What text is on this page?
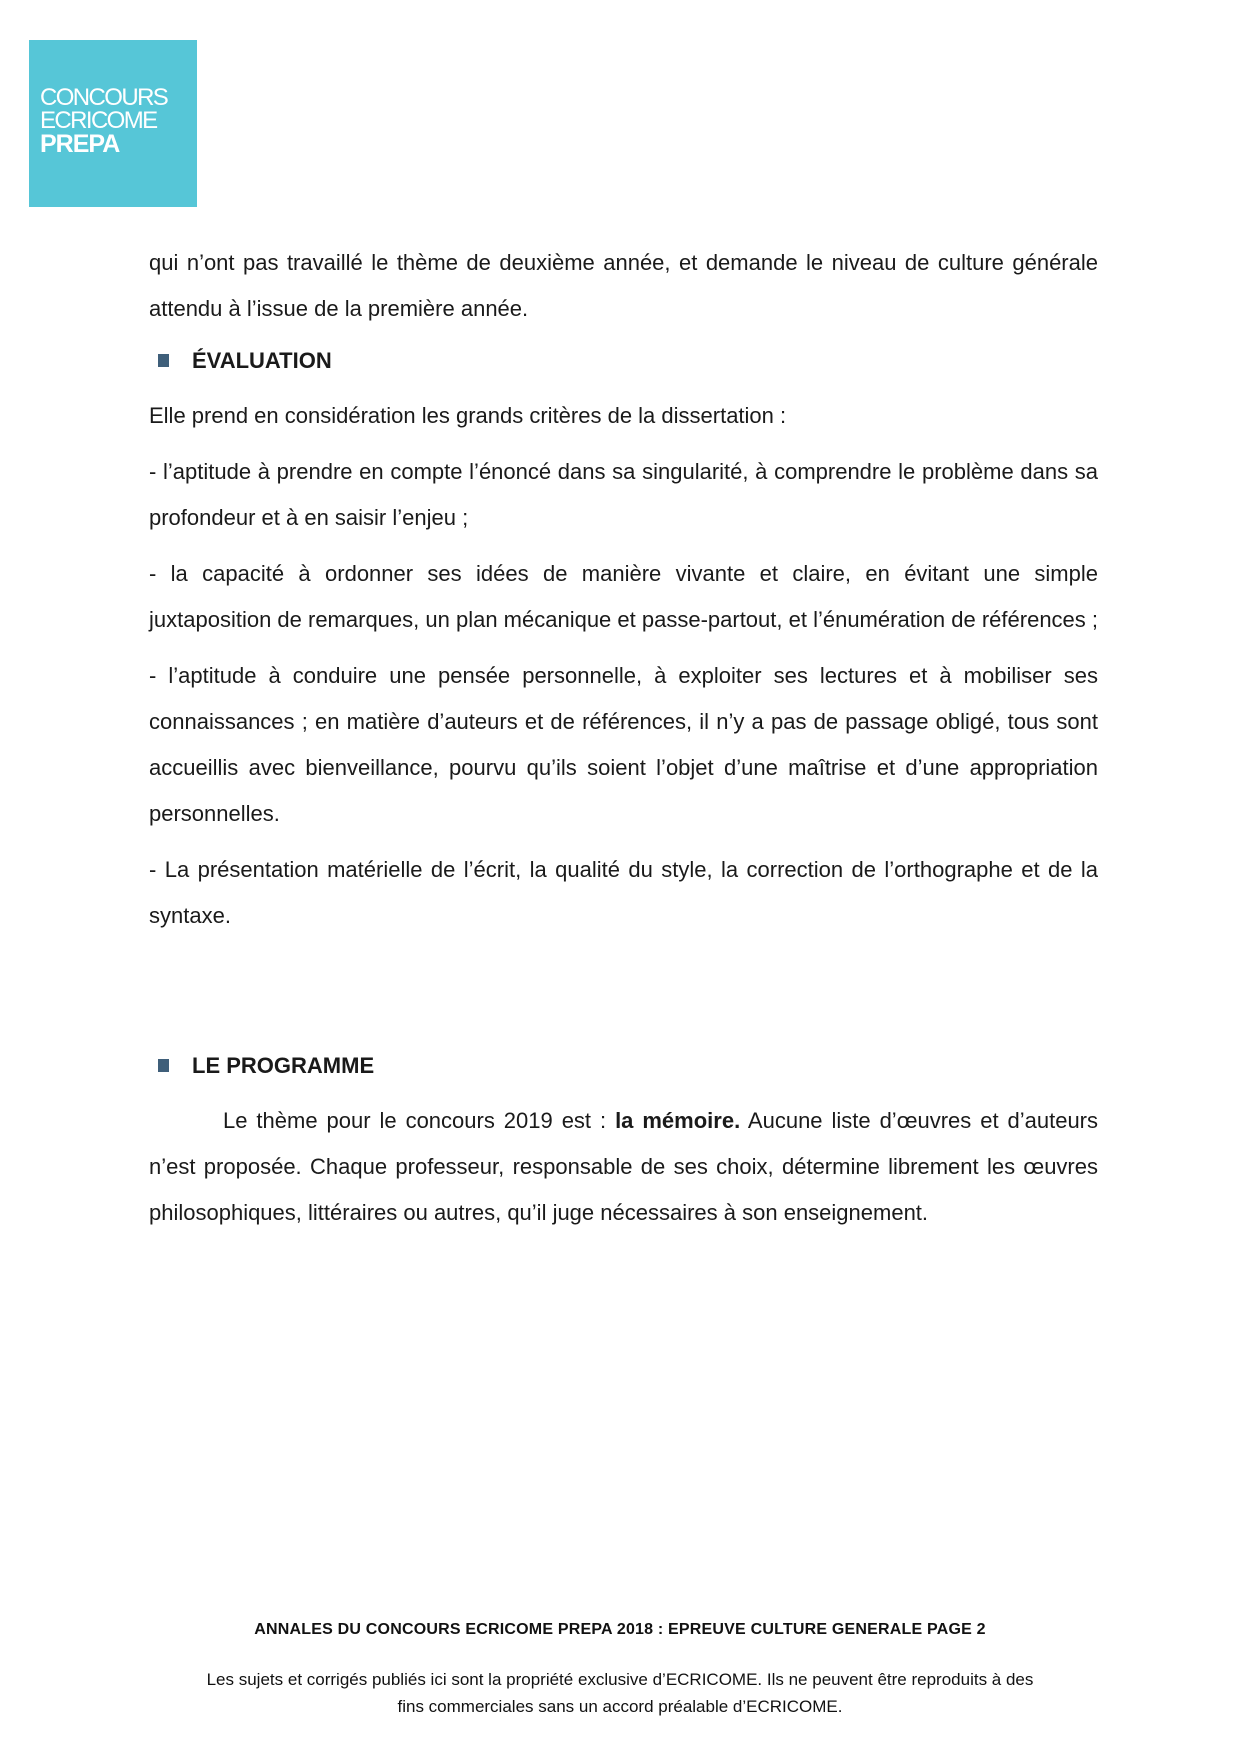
CONCOURS
ECRICOME
PREPA

qui n’ont pas travaillé le thème de deuxième année, et demande le niveau de culture générale attendu à l’issue de la première année.

ÉVALUATION

Elle prend en considération les grands critères de la dissertation :

- l’aptitude à prendre en compte l’énoncé dans sa singularité, à comprendre le problème dans sa profondeur et à en saisir l’enjeu ;

- la capacité à ordonner ses idées de manière vivante et claire, en évitant une simple juxtaposition de remarques, un plan mécanique et passe-partout, et l’énumération de références ;

- l’aptitude à conduire une pensée personnelle, à exploiter ses lectures et à mobiliser ses connaissances ; en matière d’auteurs et de références, il n’y a pas de passage obligé, tous sont accueillis avec bienveillance, pourvu qu’ils soient l’objet d’une maîtrise et d’une appropriation personnelles.

- La présentation matérielle de l’écrit, la qualité du style, la correction de l’orthographe et de la syntaxe.

LE PROGRAMME

Le thème pour le concours 2019 est : la mémoire. Aucune liste d’œuvres et d’auteurs n’est proposée. Chaque professeur, responsable de ses choix, détermine librement les œuvres philosophiques, littéraires ou autres, qu’il juge nécessaires à son enseignement.

ANNALES DU CONCOURS ECRICOME PREPA 2018 : EPREUVE CULTURE GENERALE PAGE 2
Les sujets et corrigés publiés ici sont la propriété exclusive d’ECRICOME. Ils ne peuvent être reproduits à des
fins commerciales sans un accord préalable d’ECRICOME.
